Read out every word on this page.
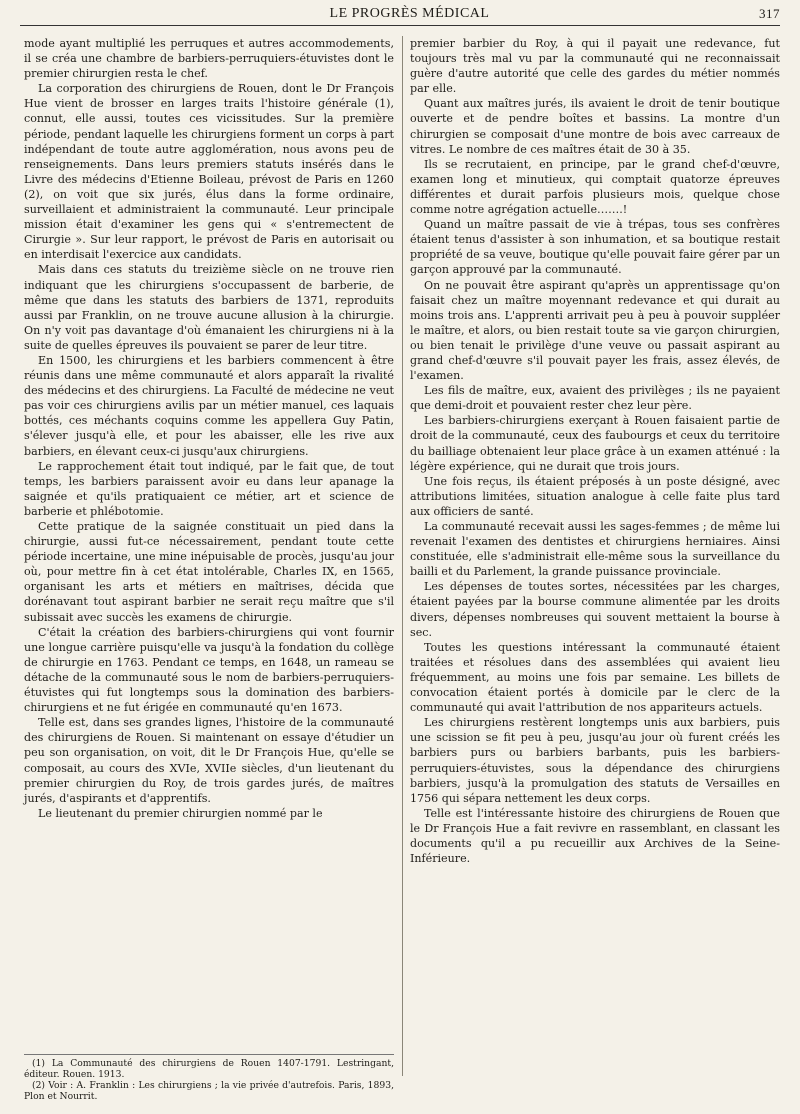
LE PROGRÈS MÉDICAL	317

mode ayant multiplié les perruques et autres accommodements, il se créa une chambre de barbiers-perruquiers-étuvistes dont le premier chirurgien resta le chef.

La corporation des chirurgiens de Rouen, dont le Dr François Hue vient de brosser en larges traits l'histoire générale (1), connut, elle aussi, toutes ces vicissitudes. Sur la première période, pendant laquelle les chirurgiens forment un corps à part indépendant de toute autre agglomération, nous avons peu de renseignements. Dans leurs premiers statuts insérés dans le Livre des médecins d'Etienne Boileau, prévost de Paris en 1260 (2), on voit que six jurés, élus dans la forme ordinaire, surveillaient et administraient la communauté. Leur principale mission était d'examiner les gens qui « s'entremectent de Cirurgie ». Sur leur rapport, le prévost de Paris en autorisait ou en interdisait l'exercice aux candidats.

Mais dans ces statuts du treizième siècle on ne trouve rien indiquant que les chirurgiens s'occupassent de barberie, de même que dans les statuts des barbiers de 1371, reproduits aussi par Franklin, on ne trouve aucune allusion à la chirurgie. On n'y voit pas davantage d'où émanaient les chirurgiens ni à la suite de quelles épreuves ils pouvaient se parer de leur titre.

En 1500, les chirurgiens et les barbiers commencent à être réunis dans une même communauté et alors apparaît la rivalité des médecins et des chirurgiens. La Faculté de médecine ne veut pas voir ces chirurgiens avilis par un métier manuel, ces laquais bottés, ces méchants coquins comme les appellera Guy Patin, s'élever jusqu'à elle, et pour les abaisser, elle les rive aux barbiers, en élevant ceux-ci jusqu'aux chirurgiens.

Le rapprochement était tout indiqué, par le fait que, de tout temps, les barbiers paraissent avoir eu dans leur apanage la saignée et qu'ils pratiquaient ce métier, art et science de barberie et phlébotomie.

Cette pratique de la saignée constituait un pied dans la chirurgie, aussi fut-ce nécessairement, pendant toute cette période incertaine, une mine inépuisable de procès, jusqu'au jour où, pour mettre fin à cet état intolérable, Charles IX, en 1565, organisant les arts et métiers en maîtrises, décida que dorénavant tout aspirant barbier ne serait reçu maître que s'il subissait avec succès les examens de chirurgie.

C'était la création des barbiers-chirurgiens qui vont fournir une longue carrière puisqu'elle va jusqu'à la fondation du collège de chirurgie en 1763. Pendant ce temps, en 1648, un rameau se détache de la communauté sous le nom de barbiers-perruquiers-étuvistes qui fut longtemps sous la domination des barbiers-chirurgiens et ne fut érigée en communauté qu'en 1673.

Telle est, dans ses grandes lignes, l'histoire de la communauté des chirurgiens de Rouen. Si maintenant on essaye d'étudier un peu son organisation, on voit, dit le Dr François Hue, qu'elle se composait, au cours des XVIe, XVIIe siècles, d'un lieutenant du premier chirurgien du Roy, de trois gardes jurés, de maîtres jurés, d'aspirants et d'apprentifs.

Le lieutenant du premier chirurgien nommé par le

(1) La Communauté des chirurgiens de Rouen 1407-1791. Lestringant, éditeur. Rouen. 1913.

(2) Voir : A. Franklin : Les chirurgiens ; la vie privée d'autrefois. Paris, 1893, Plon et Nourrit.

premier barbier du Roy, à qui il payait une redevance, fut toujours très mal vu par la communauté qui ne reconnaissait guère d'autre autorité que celle des gardes du métier nommés par elle.

Quant aux maîtres jurés, ils avaient le droit de tenir boutique ouverte et de pendre boîtes et bassins. La montre d'un chirurgien se composait d'une montre de bois avec carreaux de vitres. Le nombre de ces maîtres était de 30 à 35.

Ils se recrutaient, en principe, par le grand chef-d'œuvre, examen long et minutieux, qui comptait quatorze épreuves différentes et durait parfois plusieurs mois, quelque chose comme notre agrégation actuelle…….!

Quand un maître passait de vie à trépas, tous ses confrères étaient tenus d'assister à son inhumation, et sa boutique restait propriété de sa veuve, boutique qu'elle pouvait faire gérer par un garçon approuvé par la communauté.

On ne pouvait être aspirant qu'après un apprentissage qu'on faisait chez un maître moyennant redevance et qui durait au moins trois ans. L'apprenti arrivait peu à peu à pouvoir suppléer le maître, et alors, ou bien restait toute sa vie garçon chirurgien, ou bien tenait le privilège d'une veuve ou passait aspirant au grand chef-d'œuvre s'il pouvait payer les frais, assez élevés, de l'examen.

Les fils de maître, eux, avaient des privilèges ; ils ne payaient que demi-droit et pouvaient rester chez leur père.

Les barbiers-chirurgiens exerçant à Rouen faisaient partie de droit de la communauté, ceux des faubourgs et ceux du territoire du bailliage obtenaient leur place grâce à un examen atténué : la légère expérience, qui ne durait que trois jours.

Une fois reçus, ils étaient préposés à un poste désigné, avec attributions limitées, situation analogue à celle faite plus tard aux officiers de santé.

La communauté recevait aussi les sages-femmes ; de même lui revenait l'examen des dentistes et chirurgiens herniaires. Ainsi constituée, elle s'administrait elle-même sous la surveillance du bailli et du Parlement, la grande puissance provinciale.

Les dépenses de toutes sortes, nécessitées par les charges, étaient payées par la bourse commune alimentée par les droits divers, dépenses nombreuses qui souvent mettaient la bourse à sec.

Toutes les questions intéressant la communauté étaient traitées et résolues dans des assemblées qui avaient lieu fréquemment, au moins une fois par semaine. Les billets de convocation étaient portés à domicile par le clerc de la communauté qui avait l'attribution de nos appariteurs actuels.

Les chirurgiens restèrent longtemps unis aux barbiers, puis une scission se fit peu à peu, jusqu'au jour où furent créés les barbiers purs ou barbiers barbants, puis les barbiers-perruquiers-étuvistes, sous la dépendance des chirurgiens barbiers, jusqu'à la promulgation des statuts de Versailles en 1756 qui sépara nettement les deux corps.

Telle est l'intéressante histoire des chirurgiens de Rouen que le Dr François Hue a fait revivre en rassemblant, en classant les documents qu'il a pu recueillir aux Archives de la Seine-Inférieure.
